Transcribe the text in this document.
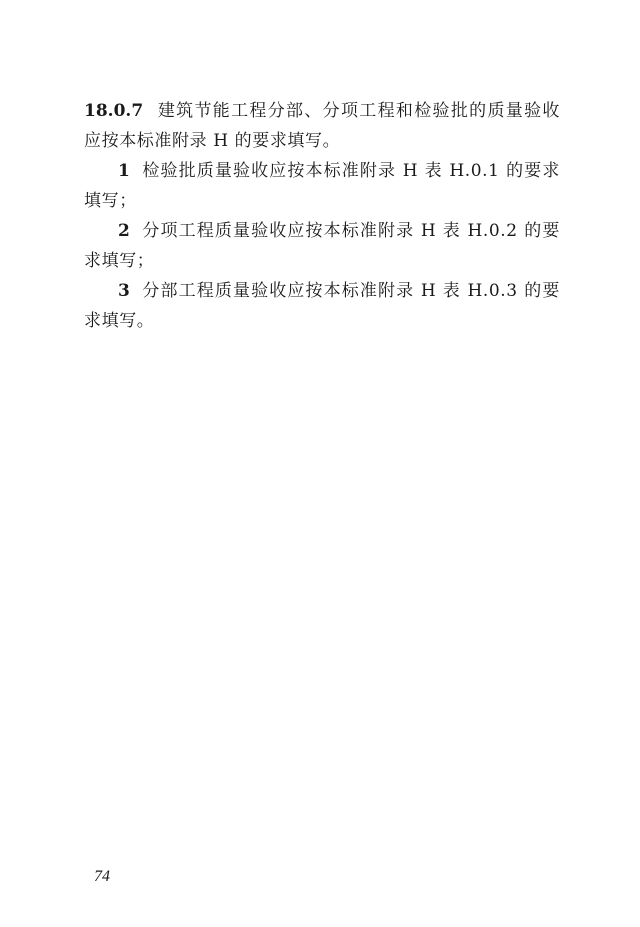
18.0.7 建筑节能工程分部、分项工程和检验批的质量验收应按本标准附录 H 的要求填写。

1 检验批质量验收应按本标准附录 H 表 H.0.1 的要求填写；

2 分项工程质量验收应按本标准附录 H 表 H.0.2 的要求填写；

3 分部工程质量验收应按本标准附录 H 表 H.0.3 的要求填写。

74
